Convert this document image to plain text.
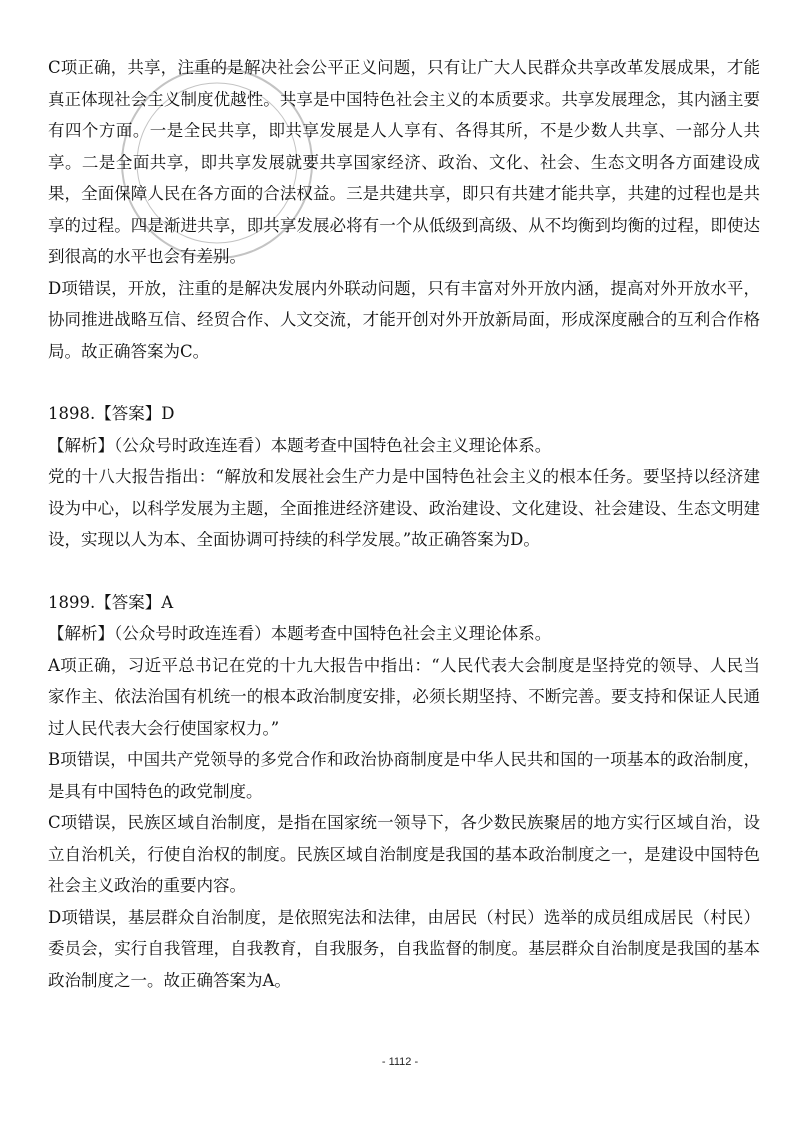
C项正确，共享，注重的是解决社会公平正义问题，只有让广大人民群众共享改革发展成果，才能真正体现社会主义制度优越性。共享是中国特色社会主义的本质要求。共享发展理念，其内涵主要有四个方面。一是全民共享，即共享发展是人人享有、各得其所，不是少数人共享、一部分人共享。二是全面共享，即共享发展就要共享国家经济、政治、文化、社会、生态文明各方面建设成果，全面保障人民在各方面的合法权益。三是共建共享，即只有共建才能共享，共建的过程也是共享的过程。四是渐进共享，即共享发展必将有一个从低级到高级、从不均衡到均衡的过程，即使达到很高的水平也会有差别。

D项错误，开放，注重的是解决发展内外联动问题，只有丰富对外开放内涵，提高对外开放水平，协同推进战略互信、经贸合作、人文交流，才能开创对外开放新局面，形成深度融合的互利合作格局。故正确答案为C。

1898.【答案】D

【解析】（公众号时政连连看）本题考查中国特色社会主义理论体系。

党的十八大报告指出：“解放和发展社会生产力是中国特色社会主义的根本任务。要坚持以经济建设为中心，以科学发展为主题，全面推进经济建设、政治建设、文化建设、社会建设、生态文明建设，实现以人为本、全面协调可持续的科学发展。”故正确答案为D。

1899.【答案】A

【解析】（公众号时政连连看）本题考查中国特色社会主义理论体系。

A项正确，习近平总书记在党的十九大报告中指出：“人民代表大会制度是坚持党的领导、人民当家作主、依法治国有机统一的根本政治制度安排，必须长期坚持、不断完善。要支持和保证人民通过人民代表大会行使国家权力。”

B项错误，中国共产党领导的多党合作和政治协商制度是中华人民共和国的一项基本的政治制度，是具有中国特色的政党制度。

C项错误，民族区域自治制度，是指在国家统一领导下，各少数民族聚居的地方实行区域自治，设立自治机关，行使自治权的制度。民族区域自治制度是我国的基本政治制度之一，是建设中国特色社会主义政治的重要内容。

D项错误，基层群众自治制度，是依照宪法和法律，由居民（村民）选举的成员组成居民（村民）委员会，实行自我管理，自我教育，自我服务，自我监督的制度。基层群众自治制度是我国的基本政治制度之一。故正确答案为A。

- 1112 -
